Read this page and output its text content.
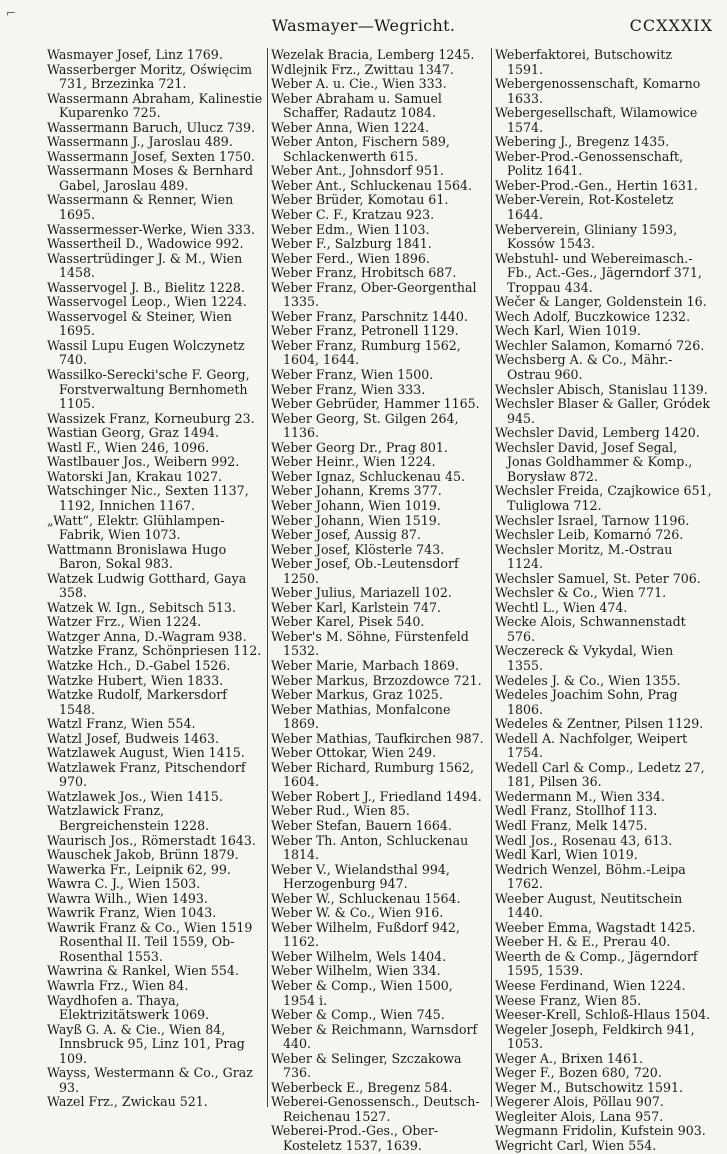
⌐
Wasmayer—Wegricht.	CCXXXIX
Wasmayer Josef, Linz 1769.
Wasserberger Moritz, Oświęcim 731, Brzezinka 721.
Wassermann Abraham, Kalinestie Kuparenko 725.
Wassermann Baruch, Ulucz 739.
Wassermann J., Jaroslau 489.
Wassermann Josef, Sexten 1750.
Wassermann Moses & Bernhard Gabel, Jaroslau 489.
Wassermann & Renner, Wien 1695.
Wassermesser-Werke, Wien 333.
Wassertheil D., Wadowice 992.
Wassertrüdinger J. & M., Wien 1458.
Wasservogel J. B., Bielitz 1228.
Wasservogel Leop., Wien 1224.
Wasservogel & Steiner, Wien 1695.
Wassil Lupu Eugen Wolczynetz 740.
Wassilko-Serecki'sche F. Georg, Forstverwaltung Bernhometh 1105.
Wassizek Franz, Korneuburg 23.
Wastian Georg, Graz 1494.
Wastl F., Wien 246, 1096.
Wastlbauer Jos., Weibern 992.
Watorski Jan, Krakau 1027.
Watschinger Nic., Sexten 1137, 1192, Innichen 1167.
„Watt“, Elektr. Glühlampen-Fabrik, Wien 1073.
Wattmann Bronislawa Hugo Baron, Sokal 983.
Watzek Ludwig Gotthard, Gaya 358.
Watzek W. Ign., Sebitsch 513.
Watzer Frz., Wien 1224.
Watzger Anna, D.-Wagram 938.
Watzke Franz, Schönpriesen 112.
Watzke Hch., D.-Gabel 1526.
Watzke Hubert, Wien 1833.
Watzke Rudolf, Markersdorf 1548.
Watzl Franz, Wien 554.
Watzl Josef, Budweis 1463.
Watzlawek August, Wien 1415.
Watzlawek Franz, Pitschendorf 970.
Watzlawek Jos., Wien 1415.
Watzlawick Franz, Bergreichenstein 1228.
Waurisch Jos., Römerstadt 1643.
Wauschek Jakob, Brünn 1879.
Wawerka Fr., Leipnik 62, 99.
Wawra C. J., Wien 1503.
Wawra Wilh., Wien 1493.
Wawrik Franz, Wien 1043.
Wawrik Franz & Co., Wien 1519 Rosenthal II. Teil 1559, Ob-Rosenthal 1553.
Wawrina & Rankel, Wien 554.
Wawrla Frz., Wien 84.
Waydhofen a. Thaya, Elektrizitätswerk 1069.
Wayß G. A. & Cie., Wien 84, Innsbruck 95, Linz 101, Prag 109.
Wayss, Westermann & Co., Graz 93.
Wazel Frz., Zwickau 521.
Wezelak Bracia, Lemberg 1245.
Wdlejnik Frz., Zwittau 1347.
Weber A. u. Cie., Wien 333.
Weber Abraham u. Samuel Schaffer, Radautz 1084.
Weber Anna, Wien 1224.
Weber Anton, Fischern 589, Schlackenwerth 615.
Weber Ant., Johnsdorf 951.
Weber Ant., Schluckenau 1564.
Weber Brüder, Komotau 61.
Weber C. F., Kratzau 923.
Weber Edm., Wien 1103.
Weber F., Salzburg 1841.
Weber Ferd., Wien 1896.
Weber Franz, Hrobitsch 687.
Weber Franz, Ober-Georgenthal 1335.
Weber Franz, Parschnitz 1440.
Weber Franz, Petronell 1129.
Weber Franz, Rumburg 1562, 1604, 1644.
Weber Franz, Wien 1500.
Weber Franz, Wien 333.
Weber Gebrüder, Hammer 1165.
Weber Georg, St. Gilgen 264, 1136.
Weber Georg Dr., Prag 801.
Weber Heinr., Wien 1224.
Weber Ignaz, Schluckenau 45.
Weber Johann, Krems 377.
Weber Johann, Wien 1019.
Weber Johann, Wien 1519.
Weber Josef, Aussig 87.
Weber Josef, Klösterle 743.
Weber Josef, Ob.-Leutensdorf 1250.
Weber Julius, Mariazell 102.
Weber Karl, Karlstein 747.
Weber Karel, Pisek 540.
Weber's M. Söhne, Fürstenfeld 1532.
Weber Marie, Marbach 1869.
Weber Markus, Brzozdowce 721.
Weber Markus, Graz 1025.
Weber Mathias, Monfalcone 1869.
Weber Mathias, Taufkirchen 987.
Weber Ottokar, Wien 249.
Weber Richard, Rumburg 1562, 1604.
Weber Robert J., Friedland 1494.
Weber Rud., Wien 85.
Weber Stefan, Bauern 1664.
Weber Th. Anton, Schluckenau 1814.
Weber V., Wielandsthal 994, Herzogenburg 947.
Weber W., Schluckenau 1564.
Weber W. & Co., Wien 916.
Weber Wilhelm, Fußdorf 942, 1162.
Weber Wilhelm, Wels 1404.
Weber Wilhelm, Wien 334.
Weber & Comp., Wien 1500, 1954 i.
Weber & Comp., Wien 745.
Weber & Reichmann, Warnsdorf 440.
Weber & Selinger, Szczakowa 736.
Weberbeck E., Bregenz 584.
Weberei-Genossensch., Deutsch-Reichenau 1527.
Weberei-Prod.-Ges., Ober-Kosteletz 1537, 1639.
Weberfaktorei, Butschowitz 1591.
Webergenossenschaft, Komarno 1633.
Webergesellschaft, Wilamowice 1574.
Webering J., Bregenz 1435.
Weber-Prod.-Genossenschaft, Politz 1641.
Weber-Prod.-Gen., Hertin 1631.
Weber-Verein, Rot-Kosteletz 1644.
Weberverein, Gliniany 1593, Kossów 1543.
Webstuhl- und Webereimasch.-Fb., Act.-Ges., Jägerndorf 371, Troppau 434.
Wečer & Langer, Goldenstein 16.
Wech Adolf, Buczkowice 1232.
Wech Karl, Wien 1019.
Wechler Salamon, Komarnó 726.
Wechsberg A. & Co., Mähr.-Ostrau 960.
Wechsler Abisch, Stanislau 1139.
Wechsler Blaser & Galler, Gródek 945.
Wechsler David, Lemberg 1420.
Wechsler David, Josef Segal, Jonas Goldhammer & Komp., Borysław 872.
Wechsler Freida, Czajkowice 651, Tuliglowa 712.
Wechsler Israel, Tarnow 1196.
Wechsler Leib, Komarnó 726.
Wechsler Moritz, M.-Ostrau 1124.
Wechsler Samuel, St. Peter 706.
Wechsler & Co., Wien 771.
Wechtl L., Wien 474.
Wecke Alois, Schwannenstadt 576.
Weczereck & Vykydal, Wien 1355.
Wedeles J. & Co., Wien 1355.
Wedeles Joachim Sohn, Prag 1806.
Wedeles & Zentner, Pilsen 1129.
Wedell A. Nachfolger, Weipert 1754.
Wedell Carl & Comp., Ledetz 27, 181, Pilsen 36.
Wedermann M., Wien 334.
Wedl Franz, Stollhof 113.
Wedl Franz, Melk 1475.
Wedl Jos., Rosenau 43, 613.
Wedl Karl, Wien 1019.
Wedrich Wenzel, Böhm.-Leipa 1762.
Weeber August, Neutitschein 1440.
Weeber Emma, Wagstadt 1425.
Weeber H. & E., Prerau 40.
Weerth de & Comp., Jägerndorf 1595, 1539.
Weese Ferdinand, Wien 1224.
Weese Franz, Wien 85.
Weeser-Krell, Schloß-Hlaus 1504.
Wegeler Joseph, Feldkirch 941, 1053.
Weger A., Brixen 1461.
Weger F., Bozen 680, 720.
Weger M., Butschowitz 1591.
Wegerer Alois, Pöllau 907.
Wegleiter Alois, Lana 957.
Wegmann Fridolin, Kufstein 903.
Wegricht Carl, Wien 554.
